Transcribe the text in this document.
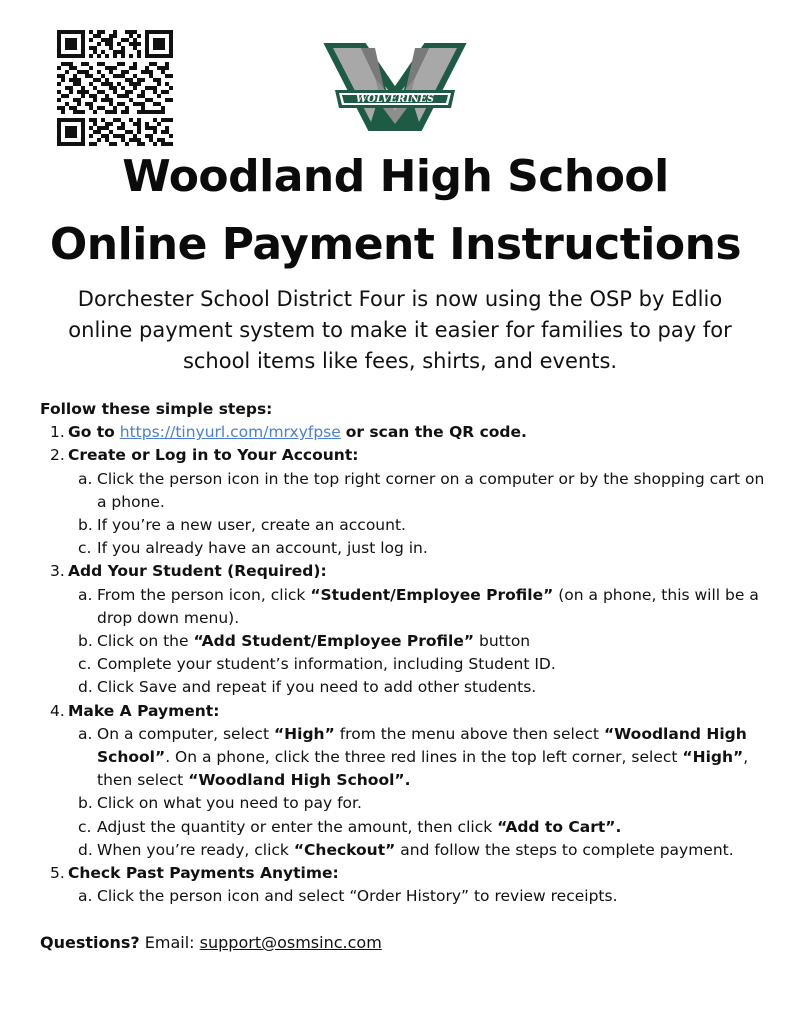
WOLVERINES
Woodland High School
Online Payment Instructions
Dorchester School District Four is now using the OSP by Edlio
online payment system to make it easier for families to pay for
school items like fees, shirts, and events.
Follow these simple steps:
1. Go to https://tinyurl.com/mrxyfpse or scan the QR code.
2. Create or Log in to Your Account:
a. Click the person icon in the top right corner on a computer or by the shopping cart on a phone.
b. If you’re a new user, create an account.
c. If you already have an account, just log in.
3. Add Your Student (Required):
a. From the person icon, click “Student/Employee Profile” (on a phone, this will be a drop down menu).
b. Click on the “Add Student/Employee Profile” button
c. Complete your student’s information, including Student ID.
d. Click Save and repeat if you need to add other students.
4. Make A Payment:
a. On a computer, select “High” from the menu above then select “Woodland High School”. On a phone, click the three red lines in the top left corner, select “High”, then select “Woodland High School”.
b. Click on what you need to pay for.
c. Adjust the quantity or enter the amount, then click “Add to Cart”.
d. When you’re ready, click “Checkout” and follow the steps to complete payment.
5. Check Past Payments Anytime:
a. Click the person icon and select “Order History” to review receipts.
Questions? Email: support@osmsinc.com
